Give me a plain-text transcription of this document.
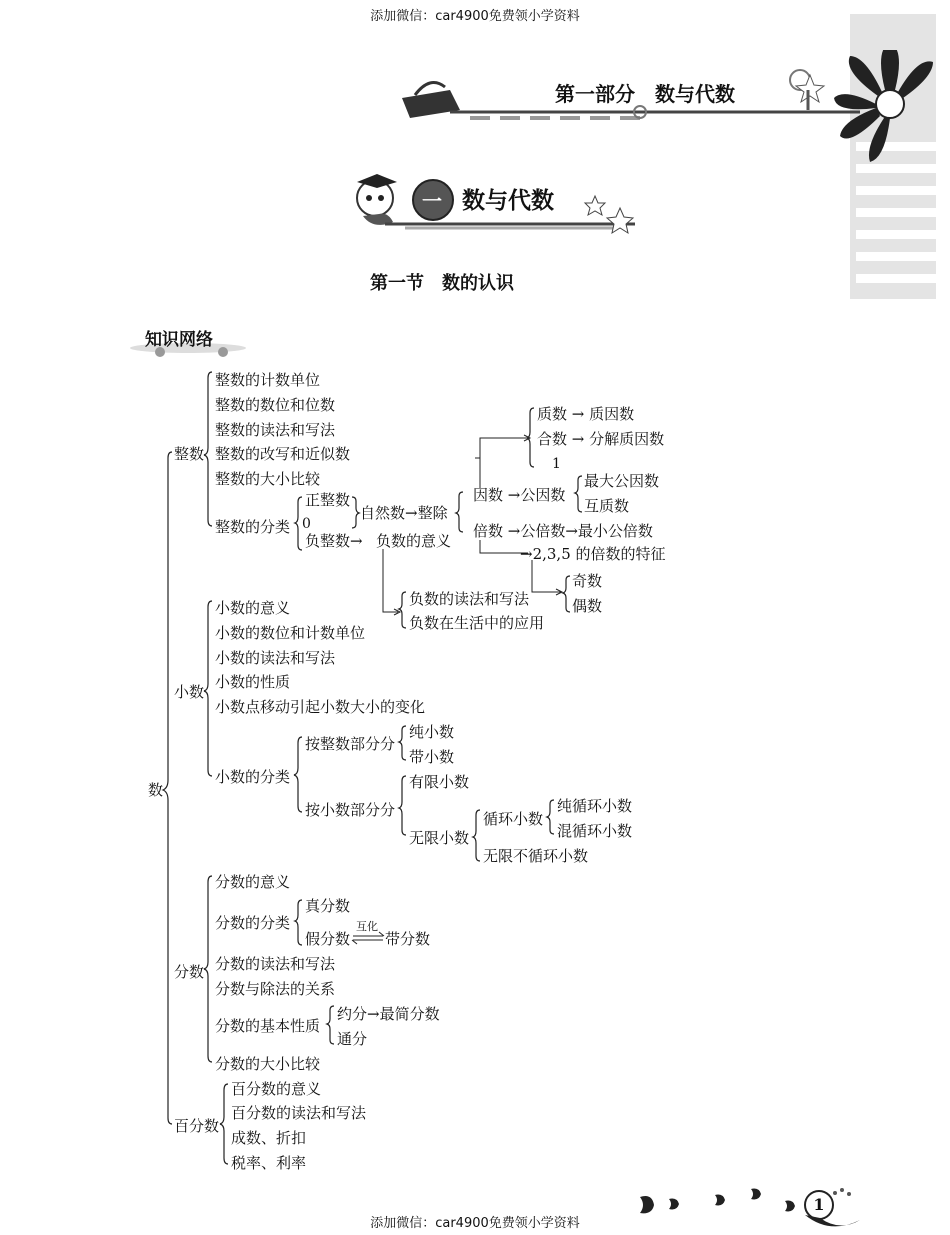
添加微信：car4900免费领小学资料
添加微信：car4900免费领小学资料
第一部分　数与代数
一 数与代数
第一节　数的认识
知识网络
数
整数
整数的计数单位
整数的数位和位数
整数的读法和写法
整数的改写和近似数
整数的大小比较
整数的分类
正整数
0
负整数→
自然数→整除
负数的意义
质数 → 质因数
合数 → 分解质因数
1
因数 →公因数
最大公因数
互质数
倍数 →公倍数→最小公倍数
→2,3,5 的倍数的特征
奇数
偶数
负数的读法和写法
负数在生活中的应用
小数
小数的意义
小数的数位和计数单位
小数的读法和写法
小数的性质
小数点移动引起小数大小的变化
小数的分类
按整数部分分
纯小数
带小数
按小数部分分
有限小数
无限小数
循环小数
纯循环小数
混循环小数
无限不循环小数
分数
分数的意义
分数的分类
分数的读法和写法
分数与除法的关系
分数的基本性质
分数的大小比较
真分数
假分数
互化
带分数
约分→最简分数
通分
百分数
百分数的意义
百分数的读法和写法
成数、折扣
税率、利率
1
